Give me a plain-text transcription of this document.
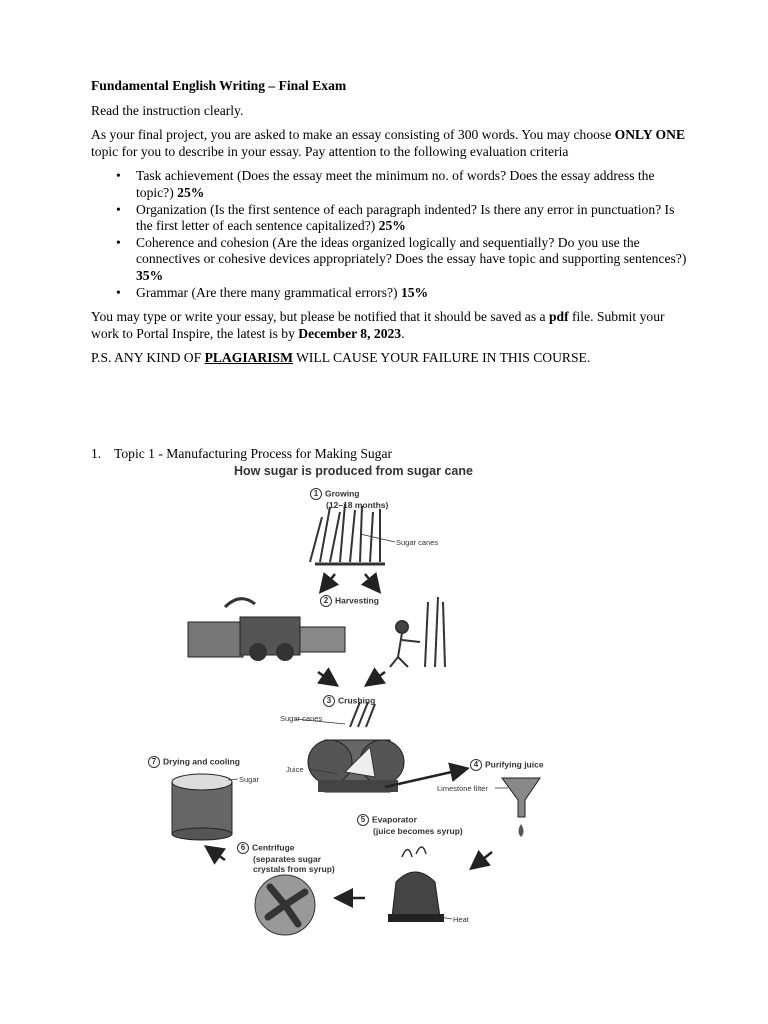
Fundamental English Writing – Final Exam

Read the instruction clearly.

As your final project, you are asked to make an essay consisting of 300 words. You may choose ONLY ONE topic for you to describe in your essay. Pay attention to the following evaluation criteria

• Task achievement (Does the essay meet the minimum no. of words? Does the essay address the topic?) 25%
• Organization (Is the first sentence of each paragraph indented? Is there any error in punctuation? Is the first letter of each sentence capitalized?) 25%
• Coherence and cohesion (Are the ideas organized logically and sequentially? Do you use the connectives or cohesive devices appropriately? Does the essay have topic and supporting sentences?) 35%
• Grammar (Are there many grammatical errors?) 15%

You may type or write your essay, but please be notified that it should be saved as a pdf file. Submit your work to Portal Inspire, the latest is by December 8, 2023.

P.S. ANY KIND OF PLAGIARISM WILL CAUSE YOUR FAILURE IN THIS COURSE.

1. Topic 1 - Manufacturing Process for Making Sugar
How sugar is produced from sugar cane
1 Growing
(12–18 months)
Sugar canes
2 Harvesting
3 Crushing
Sugar canes
Juice
4 Purifying juice
Limestone filter
5 Evaporator
(juice becomes syrup)
Heat
6 Centrifuge
(separates sugar
crystals from syrup)
7 Drying and cooling
Sugar
